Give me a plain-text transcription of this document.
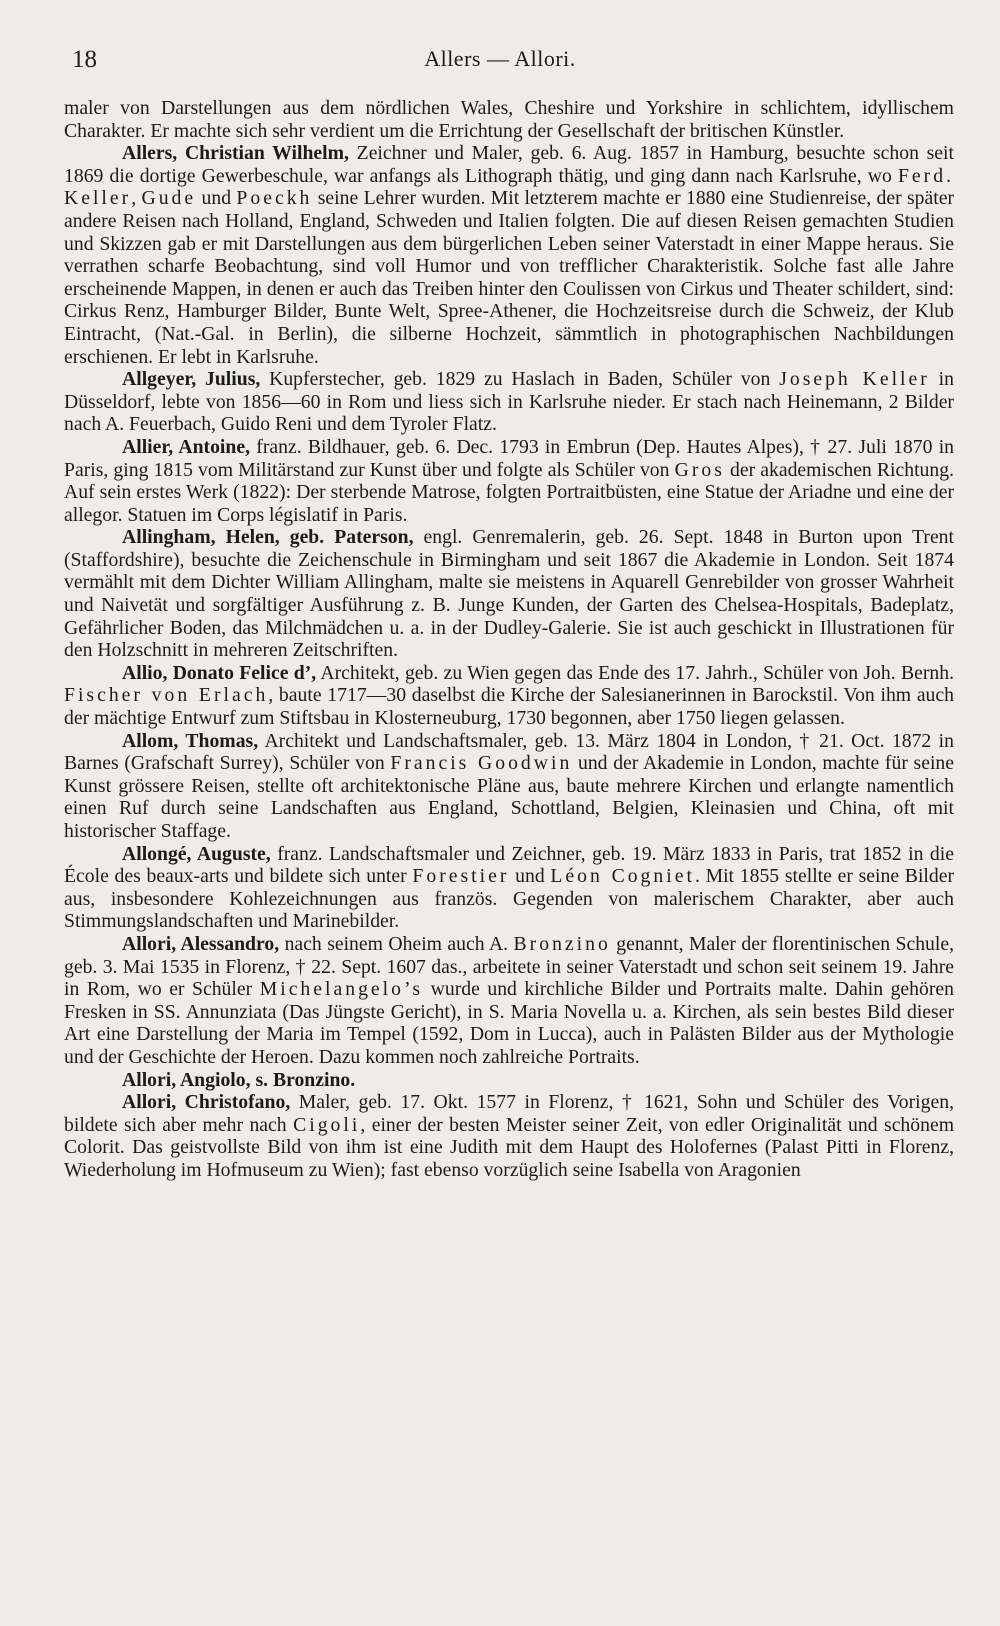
18	Allers — Allori.

maler von Darstellungen aus dem nördlichen Wales, Cheshire und Yorkshire in schlichtem, idyllischem Charakter. Er machte sich sehr verdient um die Errichtung der Gesellschaft der britischen Künstler.

Allers, Christian Wilhelm, Zeichner und Maler, geb. 6. Aug. 1857 in Hamburg, besuchte schon seit 1869 die dortige Gewerbeschule, war anfangs als Lithograph thätig, und ging dann nach Karlsruhe, wo Ferd. Keller, Gude und Poeckh seine Lehrer wurden. Mit letzterem machte er 1880 eine Studienreise, der später andere Reisen nach Holland, England, Schweden und Italien folgten. Die auf diesen Reisen gemachten Studien und Skizzen gab er mit Darstellungen aus dem bürgerlichen Leben seiner Vaterstadt in einer Mappe heraus. Sie verrathen scharfe Beobachtung, sind voll Humor und von trefflicher Charakteristik. Solche fast alle Jahre erscheinende Mappen, in denen er auch das Treiben hinter den Coulissen von Cirkus und Theater schildert, sind: Cirkus Renz, Hamburger Bilder, Bunte Welt, Spree-Athener, die Hochzeitsreise durch die Schweiz, der Klub Eintracht, (Nat.-Gal. in Berlin), die silberne Hochzeit, sämmtlich in photographischen Nachbildungen erschienen. Er lebt in Karlsruhe.

Allgeyer, Julius, Kupferstecher, geb. 1829 zu Haslach in Baden, Schüler von Joseph Keller in Düsseldorf, lebte von 1856—60 in Rom und liess sich in Karlsruhe nieder. Er stach nach Heinemann, 2 Bilder nach A. Feuerbach, Guido Reni und dem Tyroler Flatz.

Allier, Antoine, franz. Bildhauer, geb. 6. Dec. 1793 in Embrun (Dep. Hautes Alpes), † 27. Juli 1870 in Paris, ging 1815 vom Militärstand zur Kunst über und folgte als Schüler von Gros der akademischen Richtung. Auf sein erstes Werk (1822): Der sterbende Matrose, folgten Portraitbüsten, eine Statue der Ariadne und eine der allegor. Statuen im Corps législatif in Paris.

Allingham, Helen, geb. Paterson, engl. Genremalerin, geb. 26. Sept. 1848 in Burton upon Trent (Staffordshire), besuchte die Zeichenschule in Birmingham und seit 1867 die Akademie in London. Seit 1874 vermählt mit dem Dichter William Allingham, malte sie meistens in Aquarell Genrebilder von grosser Wahrheit und Naivetät und sorgfältiger Ausführung z. B. Junge Kunden, der Garten des Chelsea-Hospitals, Badeplatz, Gefährlicher Boden, das Milchmädchen u. a. in der Dudley-Galerie. Sie ist auch geschickt in Illustrationen für den Holzschnitt in mehreren Zeitschriften.

Allio, Donato Felice d’, Architekt, geb. zu Wien gegen das Ende des 17. Jahrh., Schüler von Joh. Bernh. Fischer von Erlach, baute 1717—30 daselbst die Kirche der Salesianerinnen in Barockstil. Von ihm auch der mächtige Entwurf zum Stiftsbau in Klosterneuburg, 1730 begonnen, aber 1750 liegen gelassen.

Allom, Thomas, Architekt und Landschaftsmaler, geb. 13. März 1804 in London, † 21. Oct. 1872 in Barnes (Grafschaft Surrey), Schüler von Francis Goodwin und der Akademie in London, machte für seine Kunst grössere Reisen, stellte oft architektonische Pläne aus, baute mehrere Kirchen und erlangte namentlich einen Ruf durch seine Landschaften aus England, Schottland, Belgien, Kleinasien und China, oft mit historischer Staffage.

Allongé, Auguste, franz. Landschaftsmaler und Zeichner, geb. 19. März 1833 in Paris, trat 1852 in die École des beaux-arts und bildete sich unter Forestier und Léon Cogniet. Mit 1855 stellte er seine Bilder aus, insbesondere Kohlezeichnungen aus französ. Gegenden von malerischem Charakter, aber auch Stimmungslandschaften und Marinebilder.

Allori, Alessandro, nach seinem Oheim auch A. Bronzino genannt, Maler der florentinischen Schule, geb. 3. Mai 1535 in Florenz, † 22. Sept. 1607 das., arbeitete in seiner Vaterstadt und schon seit seinem 19. Jahre in Rom, wo er Schüler Michelangelo’s wurde und kirchliche Bilder und Portraits malte. Dahin gehören Fresken in SS. Annunziata (Das Jüngste Gericht), in S. Maria Novella u. a. Kirchen, als sein bestes Bild dieser Art eine Darstellung der Maria im Tempel (1592, Dom in Lucca), auch in Palästen Bilder aus der Mythologie und der Geschichte der Heroen. Dazu kommen noch zahlreiche Portraits.

Allori, Angiolo, s. Bronzino.

Allori, Christofano, Maler, geb. 17. Okt. 1577 in Florenz, † 1621, Sohn und Schüler des Vorigen, bildete sich aber mehr nach Cigoli, einer der besten Meister seiner Zeit, von edler Originalität und schönem Colorit. Das geistvollste Bild von ihm ist eine Judith mit dem Haupt des Holofernes (Palast Pitti in Florenz, Wiederholung im Hofmuseum zu Wien); fast ebenso vorzüglich seine Isabella von Aragonien
